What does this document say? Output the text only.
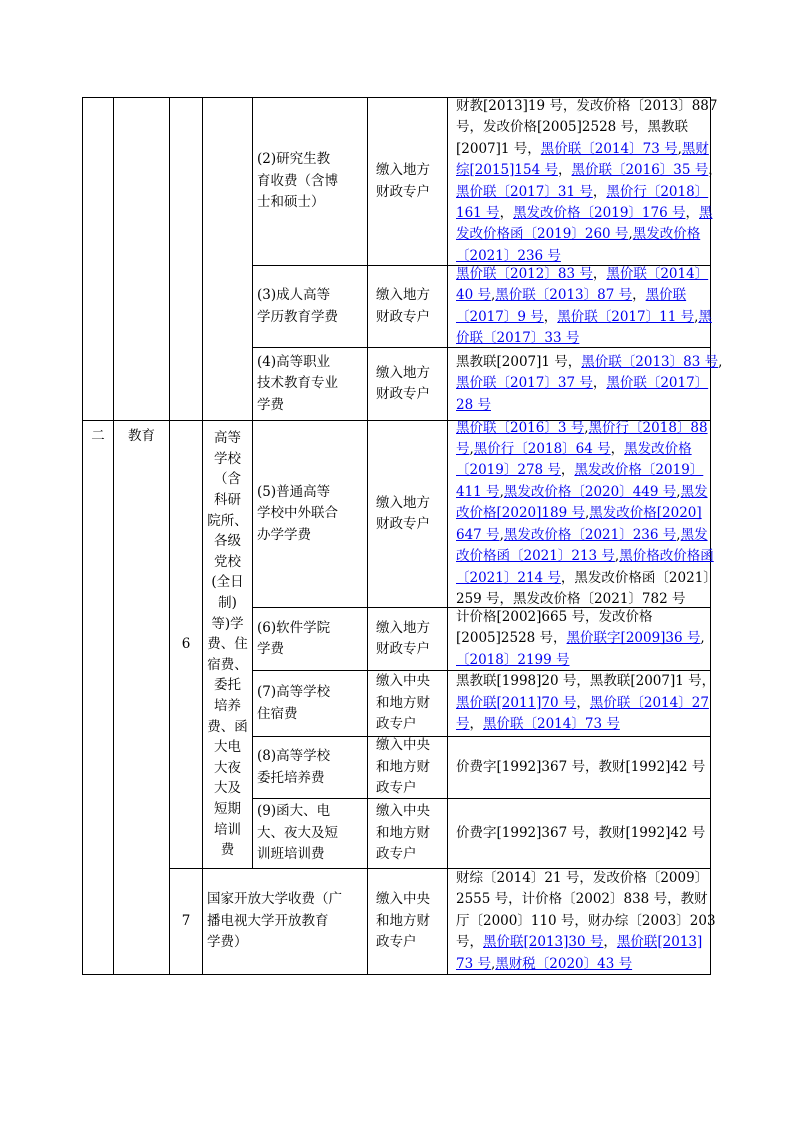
二 教育
6
高等
学校
（含
科研
院所、
各级
党校
(全日
制)
等)学
费、住
宿费、
委托
培养
费、函
大电
大夜
大及
短期
培训
费
7
国家开放大学收费（广
播电视大学开放教育
学费）
(2)研究生教
育收费（含博
士和硕士）
缴入地方
财政专户
财教[2013]19 号，发改价格〔2013〕887
号，发改价格[2005]2528 号，黑教联
[2007]1 号，黑价联〔2014〕73 号,黑财
综[2015]154 号，黑价联〔2016〕35 号，
黑价联〔2017〕31 号，黑价行〔2018〕
161 号，黑发改价格〔2019〕176 号，黑
发改价格函〔2019〕260 号,黑发改价格
〔2021〕236 号
(3)成人高等
学历教育学费
缴入地方
财政专户
黑价联〔2012〕83 号，黑价联〔2014〕
40 号,黑价联〔2013〕87 号，黑价联
〔2017〕9 号，黑价联〔2017〕11 号,黑
价联〔2017〕33 号
(4)高等职业
技术教育专业
学费
缴入地方
财政专户
黑教联[2007]1 号，黑价联〔2013〕83 号,
黑价联〔2017〕37 号，黑价联〔2017〕
28 号
(5)普通高等
学校中外联合
办学学费
缴入地方
财政专户
黑价联〔2016〕3 号,黑价行〔2018〕88
号,黑价行〔2018〕64 号，黑发改价格
〔2019〕278 号，黑发改价格〔2019〕
411 号,黑发改价格〔2020〕449 号,黑发
改价格[2020]189 号,黑发改价格[2020]
647 号,黑发改价格〔2021〕236 号,黑发
改价格函〔2021〕213 号,黑价格改价格函
〔2021〕214 号，黑发改价格函〔2021〕
259 号，黑发改价格〔2021〕782 号
(6)软件学院
学费
缴入地方
财政专户
计价格[2002]665 号，发改价格
[2005]2528 号，黑价联字[2009]36 号,
〔2018〕2199 号
(7)高等学校
住宿费
缴入中央
和地方财
政专户
黑教联[1998]20 号，黑教联[2007]1 号，
黑价联[2011]70 号，黑价联〔2014〕27
号，黑价联〔2014〕73 号
(8)高等学校
委托培养费
缴入中央
和地方财
政专户
价费字[1992]367 号，教财[1992]42 号
(9)函大、电
大、夜大及短
训班培训费
缴入中央
和地方财
政专户
价费字[1992]367 号，教财[1992]42 号
缴入中央
和地方财
政专户
财综〔2014〕21 号，发改价格〔2009〕
2555 号，计价格〔2002〕838 号，教财
厅〔2000〕110 号，财办综〔2003〕203
号，黑价联[2013]30 号，黑价联[2013]
73 号,黑财税〔2020〕43 号
